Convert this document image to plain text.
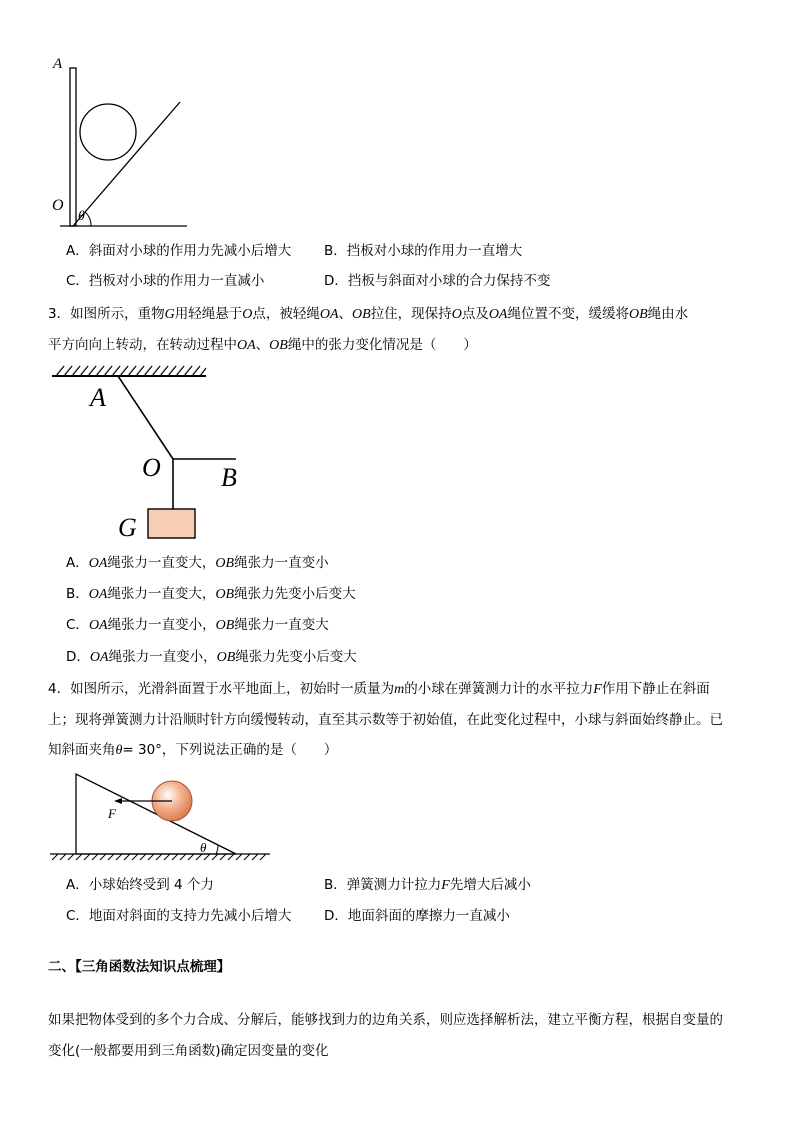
A
O
θ
A．斜面对小球的作用力先减小后增大 B．挡板对小球的作用力一直增大
C．挡板对小球的作用力一直减小	D．挡板与斜面对小球的合力保持不变
3．如图所示，重物G用轻绳悬于O点，被轻绳OA、OB拉住，现保持O点及OA绳位置不变，缓缓将OB绳由水
平方向向上转动，在转动过程中OA、OB绳中的张力变化情况是（　　）
A
O B
G
A．OA绳张力一直变大，OB绳张力一直变小
B．OA绳张力一直变大，OB绳张力先变小后变大
C．OA绳张力一直变小，OB绳张力一直变大
D．OA绳张力一直变小，OB绳张力先变小后变大
4．如图所示，光滑斜面置于水平地面上，初始时一质量为m的小球在弹簧测力计的水平拉力F作用下静止在斜面
上；现将弹簧测力计沿顺时针方向缓慢转动，直至其示数等于初始值，在此变化过程中，小球与斜面始终静止。已
知斜面夹角θ= 30°，下列说法正确的是（　　）
F
θ
A．小球始终受到 4 个力	B．弹簧测力计拉力F先增大后减小
C．地面对斜面的支持力先减小后增大 D．地面斜面的摩擦力一直减小
二、【三角函数法知识点梳理】
如果把物体受到的多个力合成、分解后，能够找到力的边角关系，则应选择解析法，建立平衡方程，根据自变量的
变化(一般都要用到三角函数)确定因变量的变化
